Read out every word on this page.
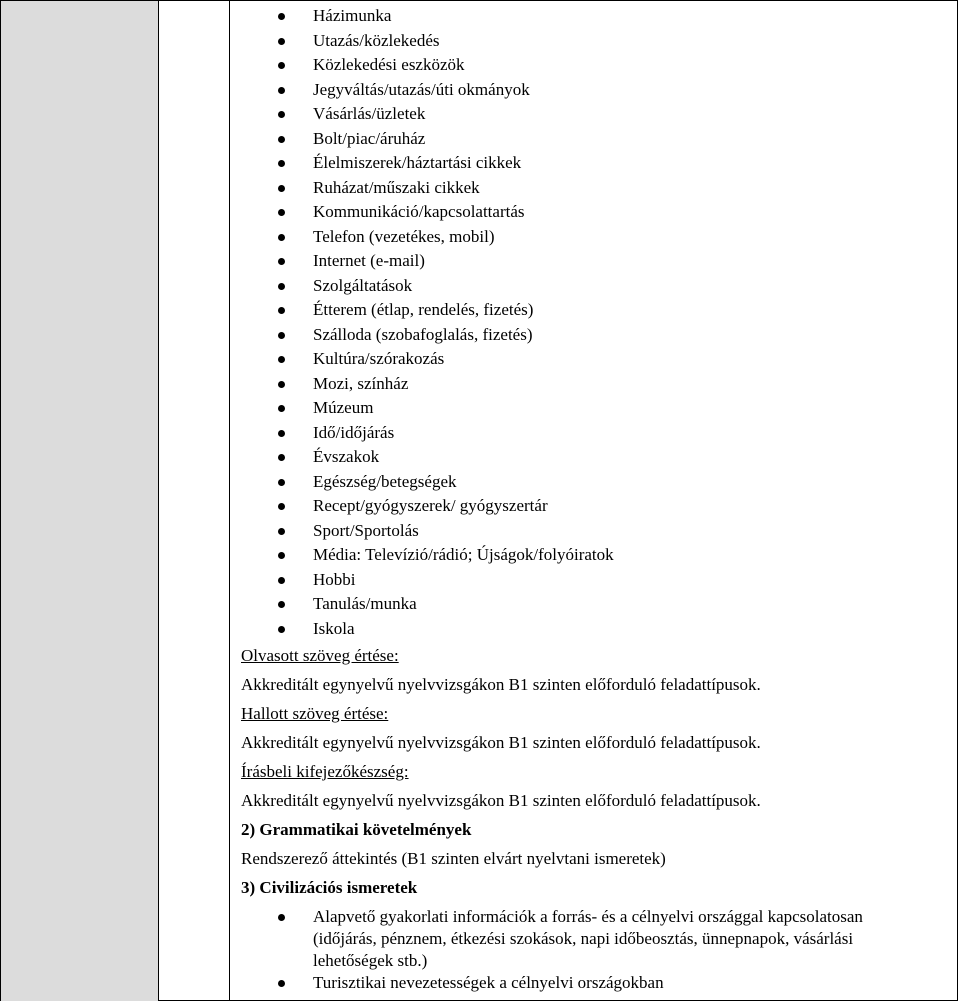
Házimunka
Utazás/közlekedés
Közlekedési eszközök
Jegyváltás/utazás/úti okmányok
Vásárlás/üzletek
Bolt/piac/áruház
Élelmiszerek/háztartási cikkek
Ruházat/műszaki cikkek
Kommunikáció/kapcsolattartás
Telefon (vezetékes, mobil)
Internet (e-mail)
Szolgáltatások
Étterem (étlap, rendelés, fizetés)
Szálloda (szobafoglalás, fizetés)
Kultúra/szórakozás
Mozi, színház
Múzeum
Idő/időjárás
Évszakok
Egészség/betegségek
Recept/gyógyszerek/ gyógyszertár
Sport/Sportolás
Média: Televízió/rádió; Újságok/folyóiratok
Hobbi
Tanulás/munka
Iskola
Olvasott szöveg értése:
Akkreditált egynyelvű nyelvvizsgákon B1 szinten előforduló feladattípusok.
Hallott szöveg értése:
Akkreditált egynyelvű nyelvvizsgákon B1 szinten előforduló feladattípusok.
Írásbeli kifejezőkészség:
Akkreditált egynyelvű nyelvvizsgákon B1 szinten előforduló feladattípusok.
2) Grammatikai követelmények
Rendszerező áttekintés (B1 szinten elvárt nyelvtani ismeretek)
3) Civilizációs ismeretek
Alapvető gyakorlati információk a forrás- és a célnyelvi országgal kapcsolatosan (időjárás, pénznem, étkezési szokások, napi időbeosztás, ünnepnapok, vásárlási lehetőségek stb.)
Turisztikai nevezetességek a célnyelvi országokban
